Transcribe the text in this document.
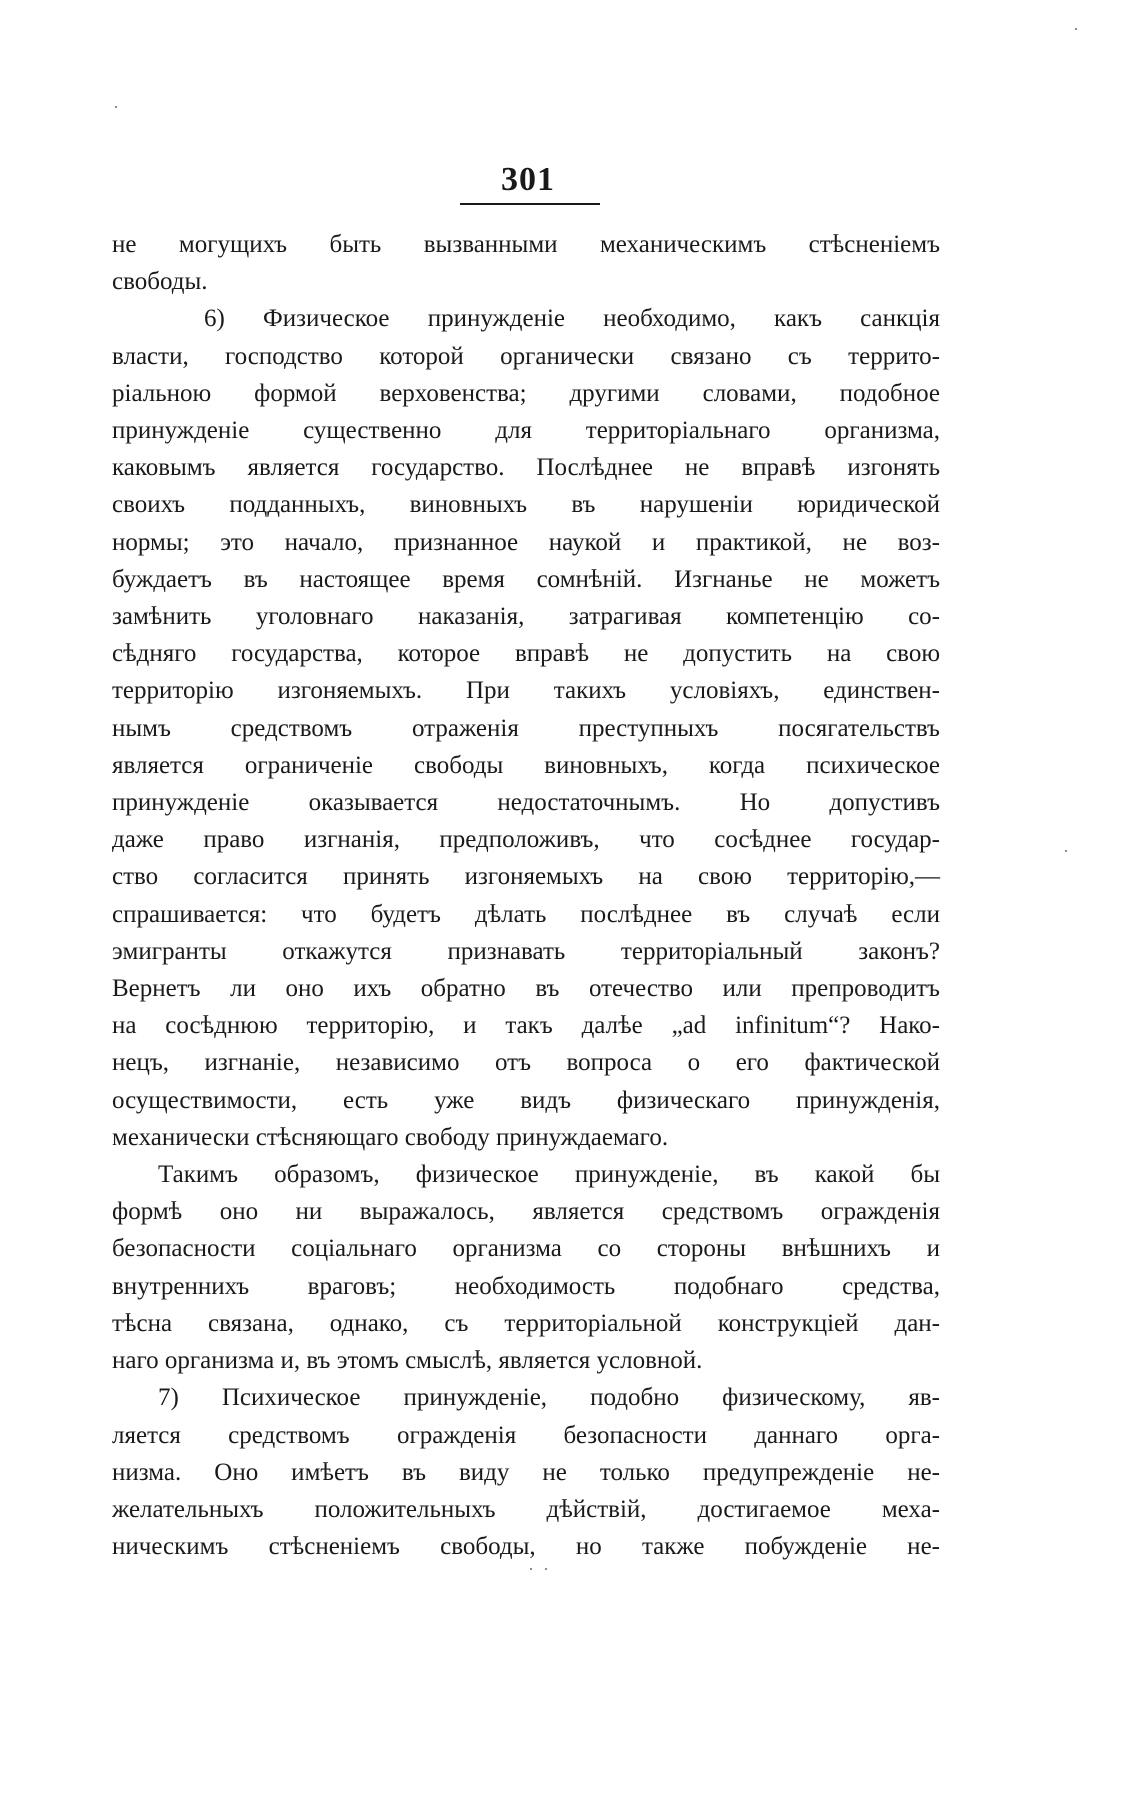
301

не могущихъ быть вызванными механическимъ стѣсненіемъ
свободы.

6) Физическое принужденіе необходимо, какъ санкція
власти, господство которой органически связано съ террито-
ріальною формой верховенства; другими словами, подобное
принужденіе существенно для территоріальнаго организма,
каковымъ является государство. Послѣднее не вправѣ изгонять
своихъ подданныхъ, виновныхъ въ нарушеніи юридической
нормы; это начало, признанное наукой и практикой, не воз-
буждаетъ въ настоящее время сомнѣній. Изгнанье не можетъ
замѣнить уголовнаго наказанія, затрагивая компетенцію со-
сѣдняго государства, которое вправѣ не допустить на свою
территорію изгоняемыхъ. При такихъ условіяхъ, единствен-
нымъ средствомъ отраженія преступныхъ посягательствъ
является ограниченіе свободы виновныхъ, когда психическое
принужденіе оказывается недостаточнымъ. Но допустивъ
даже право изгнанія, предположивъ, что сосѣднее государ-
ство согласится принять изгоняемыхъ на свою территорію,—
спрашивается: что будетъ дѣлать послѣднее въ случаѣ если
эмигранты откажутся признавать территоріальный законъ?
Вернетъ ли оно ихъ обратно въ отечество или препроводитъ
на сосѣднюю территорію, и такъ далѣе „ad infinitum“? Нако-
нецъ, изгнаніе, независимо отъ вопроса о его фактической
осуществимости, есть уже видъ физическаго принужденія,
механически стѣсняющаго свободу принуждаемаго.

Такимъ образомъ, физическое принужденіе, въ какой бы
формѣ оно ни выражалось, является средствомъ огражденія
безопасности соціальнаго организма со стороны внѣшнихъ и
внутреннихъ враговъ; необходимость подобнаго средства,
тѣсна связана, однако, съ территоріальной конструкціей дан-
наго организма и, въ этомъ смыслѣ, является условной.

7) Психическое принужденіе, подобно физическому, яв-
ляется средствомъ огражденія безопасности даннаго орга-
низма. Оно имѣетъ въ виду не только предупрежденіе не-
желательныхъ положительныхъ дѣйствій, достигаемое меха-
ническимъ стѣсненіемъ свободы, но также побужденіе не-
